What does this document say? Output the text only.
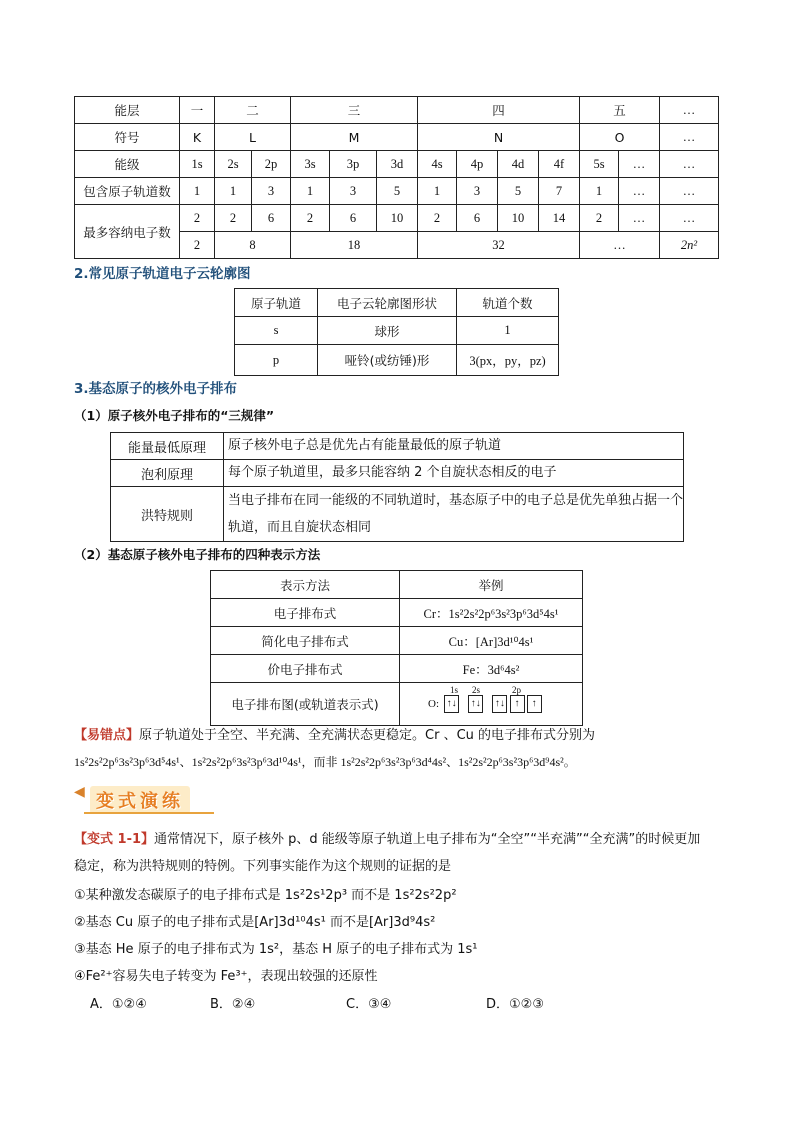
能层	一	二		三			四				五		…
符号	K	L		M			N				O		…
能级	1s	2s	2p	3s	3p	3d	4s	4p	4d	4f	5s	…	…
包含原子轨道数	1	1	3	1	3	5	1	3	5	7	1	…	…
最多容纳电子数	2	2	6	2	6	10	2	6	10	14	2	…	…
	2	8		18			32				…		2n²
2.常见原子轨道电子云轮廓图
原子轨道	电子云轮廓图形状	轨道个数
s	球形	1
p	哑铃(或纺锤)形	3(px，py，pz)
3.基态原子的核外电子排布
（1）原子核外电子排布的“三规律”
能量最低原理	原子核外电子总是优先占有能量最低的原子轨道
泡利原理	每个原子轨道里，最多只能容纳 2 个自旋状态相反的电子
洪特规则	当电子排布在同一能级的不同轨道时，基态原子中的电子总是优先单独占据一个轨道，而且自旋状态相同
（2）基态原子核外电子排布的四种表示方法
表示方法	举例
电子排布式	Cr：1s²2s²2p⁶3s²3p⁶3d⁵4s¹
简化电子排布式	Cu：[Ar]3d¹⁰4s¹
价电子排布式	Fe：3d⁶4s²
电子排布图(或轨道表示式)	O:
1s 2s 2p
↑↓ ↑↓ ↑↓ ↑ ↑
【易错点】原子轨道处于全空、半充满、全充满状态更稳定。Cr 、Cu 的电子排布式分别为
1s²2s²2p⁶3s²3p⁶3d⁵4s¹、1s²2s²2p⁶3s²3p⁶3d¹⁰4s¹，而非 1s²2s²2p⁶3s²3p⁶3d⁴4s²、1s²2s²2p⁶3s²3p⁶3d⁹4s²。
◀ 变式演练
【变式 1-1】通常情况下，原子核外 p、d 能级等原子轨道上电子排布为“全空”“半充满”“全充满”的时候更加
稳定，称为洪特规则的特例。下列事实能作为这个规则的证据的是
①某种激发态碳原子的电子排布式是 1s²2s¹2p³ 而不是 1s²2s²2p²
②基态 Cu 原子的电子排布式是[Ar]3d¹⁰4s¹ 而不是[Ar]3d⁹4s²
③基态 He 原子的电子排布式为 1s²，基态 H 原子的电子排布式为 1s¹
④Fe²⁺容易失电子转变为 Fe³⁺，表现出较强的还原性
A．①②④	B．②④	C．③④	D．①②③
